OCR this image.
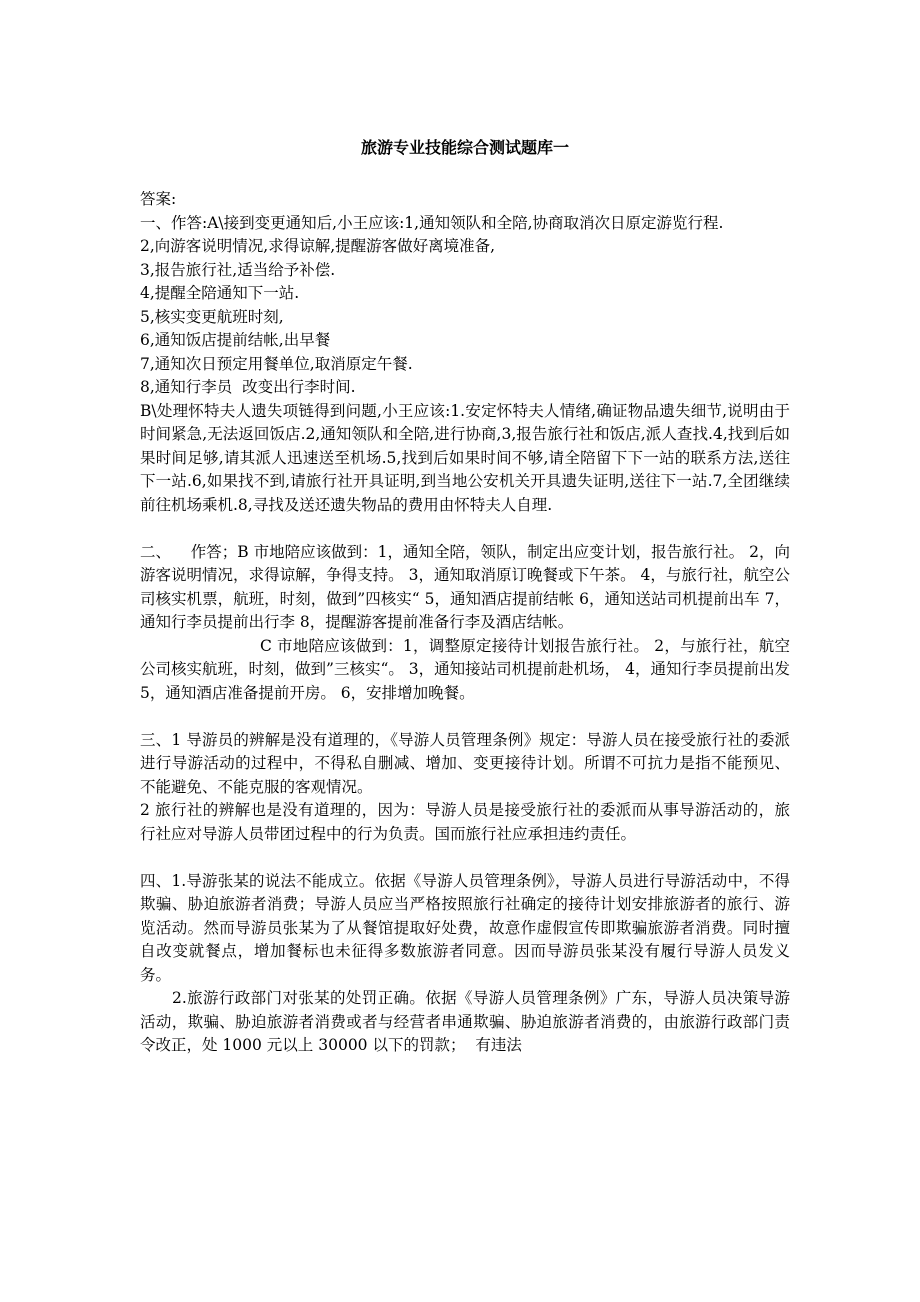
旅游专业技能综合测试题库一

答案:

一、作答:A\接到变更通知后,小王应该:1,通知领队和全陪,协商取消次日原定游览行程.

2,向游客说明情况,求得谅解,提醒游客做好离境准备,

3,报告旅行社,适当给予补偿.

4,提醒全陪通知下一站.

5,核实变更航班时刻,

6,通知饭店提前结帐,出早餐

7,通知次日预定用餐单位,取消原定午餐.

8,通知行李员  改变出行李时间.

B\处理怀特夫人遗失项链得到问题,小王应该:1.安定怀特夫人情绪,确证物品遗失细节,说明由于时间紧急,无法返回饭店.2,通知领队和全陪,进行协商,3,报告旅行社和饭店,派人查找.4,找到后如果时间足够,请其派人迅速送至机场.5,找到后如果时间不够,请全陪留下下一站的联系方法,送往下一站.6,如果找不到,请旅行社开具证明,到当地公安机关开具遗失证明,送往下一站.7,全团继续前往机场乘机.8,寻找及送还遗失物品的费用由怀特夫人自理.

二、    作答；B 市地陪应该做到：1，通知全陪，领队，制定出应变计划，报告旅行社。 2，向游客说明情况，求得谅解，争得支持。 3，通知取消原订晚餐或下午茶。 4，与旅行社，航空公司核实机票，航班，时刻，做到”四核实“ 5，通知酒店提前结帐 6，通知送站司机提前出车 7，通知行李员提前出行李 8，提醒游客提前准备行李及酒店结帐。

C 市地陪应该做到：1，调整原定接待计划报告旅行社。 2，与旅行社，航空公司核实航班，时刻，做到”三核实“。 3，通知接站司机提前赴机场， 4，通知行李员提前出发 5，通知酒店准备提前开房。 6，安排增加晚餐。

三、1 导游员的辨解是没有道理的，《导游人员管理条例》规定：导游人员在接受旅行社的委派进行导游活动的过程中，不得私自删减、增加、变更接待计划。所谓不可抗力是指不能预见、不能避免、不能克服的客观情况。

2 旅行社的辨解也是没有道理的，因为：导游人员是接受旅行社的委派而从事导游活动的，旅行社应对导游人员带团过程中的行为负责。国而旅行社应承担违约责任。

四、1.导游张某的说法不能成立。依据《导游人员管理条例》，导游人员进行导游活动中，不得欺骗、胁迫旅游者消费；导游人员应当严格按照旅行社确定的接待计划安排旅游者的旅行、游览活动。然而导游员张某为了从餐馆提取好处费，故意作虚假宣传即欺骗旅游者消费。同时擅自改变就餐点，增加餐标也未征得多数旅游者同意。因而导游员张某没有履行导游人员发义务。

2.旅游行政部门对张某的处罚正确。依据《导游人员管理条例》广东，导游人员决策导游活动，欺骗、胁迫旅游者消费或者与经营者串通欺骗、胁迫旅游者消费的，由旅游行政部门责令改正，处 1000 元以上 30000 以下的罚款；  有违法
